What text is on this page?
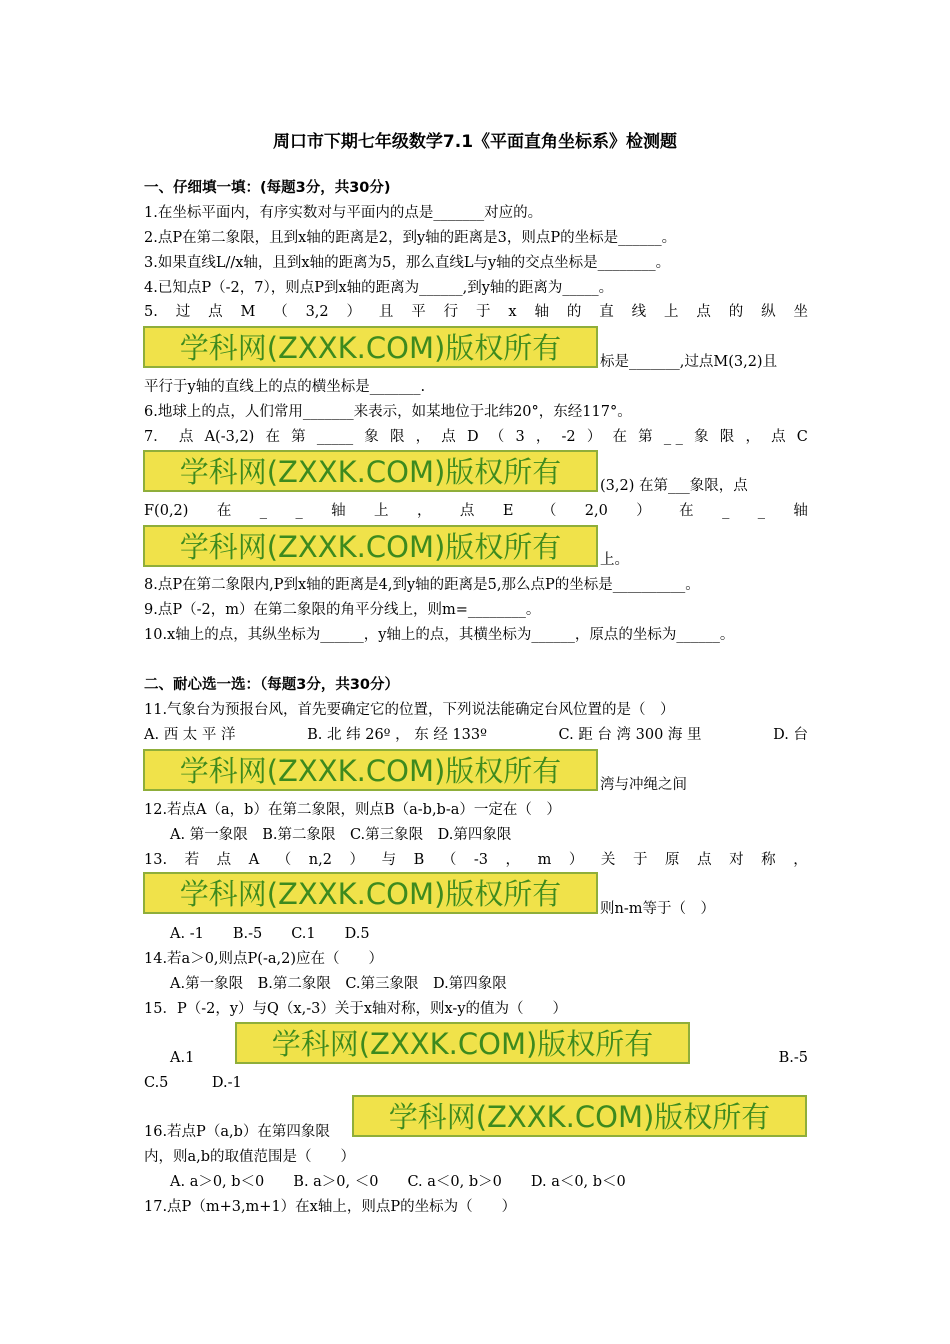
周口市下期七年级数学7.1《平面直角坐标系》检测题
一、仔细填一填：(每题3分，共30分)
1.在坐标平面内，有序实数对与平面内的点是_______对应的。
2.点P在第二象限，且到x轴的距离是2，到y轴的距离是3，则点P的坐标是______。
3.如果直线L//x轴，且到x轴的距离为5，那么直线L与y轴的交点坐标是________。
4.已知点P（-2，7），则点P到x轴的距离为______,到y轴的距离为_____。
5. 过 点 M （ 3,2 ） 且 平 行 于 x 轴 的 直 线 上 点 的 纵 坐
学科网(ZXXK.COM)版权所有	标是_______,过点M(3,2)且
平行于y轴的直线上的点的横坐标是_______.
6.地球上的点，人们常用_______来表示，如某地位于北纬20°，东经117°。
7． 点 A(-3,2) 在 第 _____ 象 限 ， 点 D （ 3 ， -2 ） 在 第 _ _ 象 限 ， 点 C
学科网(ZXXK.COM)版权所有	(3,2) 在第___象限，点
F(0,2) 在 _ _ 轴 上 ， 点 E （ 2,0 ） 在 _ _ 轴
学科网(ZXXK.COM)版权所有	上。
8.点P在第二象限内,P到x轴的距离是4,到y轴的距离是5,那么点P的坐标是__________。
9.点P（-2，m）在第二象限的角平分线上，则m=________。
10.x轴上的点，其纵坐标为______，y轴上的点，其横坐标为______，原点的坐标为______。
二、耐心选一选：（每题3分，共30分）
11.气象台为预报台风，首先要确定它的位置，下列说法能确定台风位置的是（　）
A. 西 太 平 洋	B. 北 纬 26º ， 东 经 133º	C. 距 台 湾 300 海 里	D. 台
学科网(ZXXK.COM)版权所有	湾与冲绳之间
12.若点A（a，b）在第二象限，则点B（a-b,b-a）一定在（　）
A. 第一象限　B.第二象限　C.第三象限　D.第四象限
13. 若 点 A （ n,2 ） 与 B （ -3 ， m ） 关 于 原 点 对 称 ，
学科网(ZXXK.COM)版权所有	则n-m等于（　）
A. -1　　B.-5　　C.1　　D.5
14.若a＞0,则点P(-a,2)应在（　　）
A.第一象限　B.第二象限　C.第三象限　D.第四象限
15．P（-2，y）与Q（x,-3）关于x轴对称，则x-y的值为（　　）
A.1	学科网(ZXXK.COM)版权所有	B.-5
C.5　　　D.-1
16.若点P（a,b）在第四象限	学科网(ZXXK.COM)版权所有
内，则a,b的取值范围是（　　）
A. a＞0, b＜0　　B. a＞0, ＜0　　C. a＜0, b＞0　　D. a＜0, b＜0
17.点P（m+3,m+1）在x轴上，则点P的坐标为（　　）
